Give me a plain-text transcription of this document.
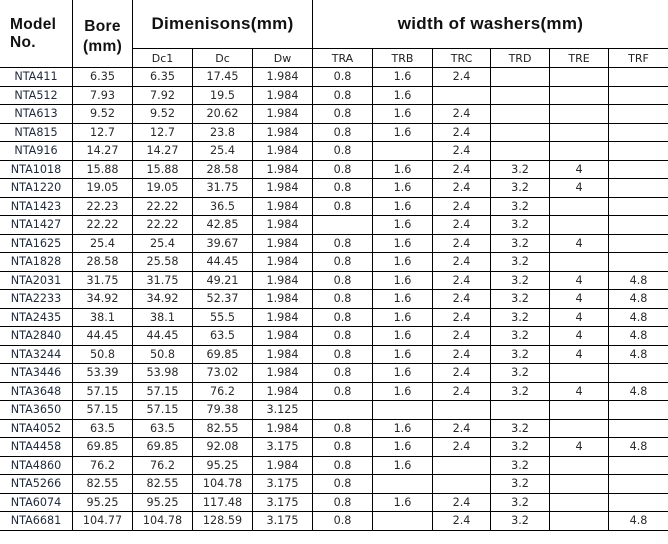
Model
No.

Bore
(mm)
	Dimenisons(mm)	width of washers(mm)
		Dc1	Dc	Dw	TRA	TRB	TRC	TRD	TRE	TRF
NTA411	6.35	6.35	17.45	1.984	0.8	1.6	2.4			
NTA512	7.93	7.92	19.5	1.984	0.8	1.6				
NTA613	9.52	9.52	20.62	1.984	0.8	1.6	2.4			
NTA815	12.7	12.7	23.8	1.984	0.8	1.6	2.4			
NTA916	14.27	14.27	25.4	1.984	0.8		2.4			
NTA1018	15.88	15.88	28.58	1.984	0.8	1.6	2.4	3.2	4	
NTA1220	19.05	19.05	31.75	1.984	0.8	1.6	2.4	3.2	4	
NTA1423	22.23	22.22	36.5	1.984	0.8	1.6	2.4	3.2		
NTA1427	22.22	22.22	42.85	1.984		1.6	2.4	3.2		
NTA1625	25.4	25.4	39.67	1.984	0.8	1.6	2.4	3.2	4	
NTA1828	28.58	25.58	44.45	1.984	0.8	1.6	2.4	3.2		
NTA2031	31.75	31.75	49.21	1.984	0.8	1.6	2.4	3.2	4	4.8
NTA2233	34.92	34.92	52.37	1.984	0.8	1.6	2.4	3.2	4	4.8
NTA2435	38.1	38.1	55.5	1.984	0.8	1.6	2.4	3.2	4	4.8
NTA2840	44.45	44.45	63.5	1.984	0.8	1.6	2.4	3.2	4	4.8
NTA3244	50.8	50.8	69.85	1.984	0.8	1.6	2.4	3.2	4	4.8
NTA3446	53.39	53.98	73.02	1.984	0.8	1.6	2.4	3.2		
NTA3648	57.15	57.15	76.2	1.984	0.8	1.6	2.4	3.2	4	4.8
NTA3650	57.15	57.15	79.38	3.125						
NTA4052	63.5	63.5	82.55	1.984	0.8	1.6	2.4	3.2		
NTA4458	69.85	69.85	92.08	3.175	0.8	1.6	2.4	3.2	4	4.8
NTA4860	76.2	76.2	95.25	1.984	0.8	1.6		3.2		
NTA5266	82.55	82.55	104.78	3.175	0.8			3.2		
NTA6074	95.25	95.25	117.48	3.175	0.8	1.6	2.4	3.2		
NTA6681	104.77	104.78	128.59	3.175	0.8		2.4	3.2		4.8
